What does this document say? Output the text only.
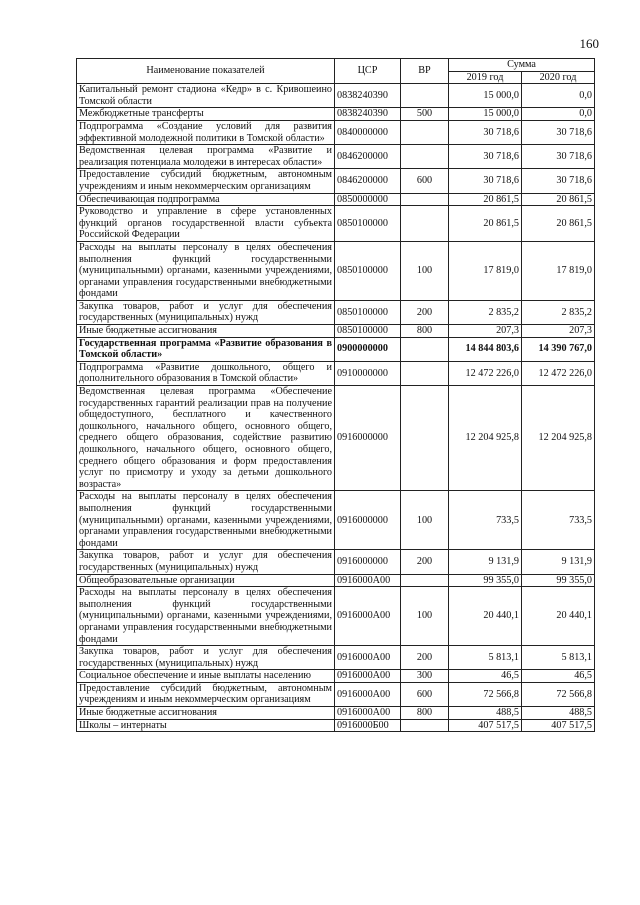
160
Наименование показателей	ЦСР	ВР	Сумма	
			2019 год	2020 год
Капитальный ремонт стадиона «Кедр» в с. Кривошеино Томской области	0838240390		15 000,0	0,0
Межбюджетные трансферты	0838240390	500	15 000,0	0,0
Подпрограмма «Создание условий для развития эффективной молодежной политики в Томской области»	0840000000		30 718,6	30 718,6
Ведомственная целевая программа «Развитие и реализация потенциала молодежи в интересах области»	0846200000		30 718,6	30 718,6
Предоставление субсидий бюджетным, автономным учреждениям и иным некоммерческим организациям	0846200000	600	30 718,6	30 718,6
Обеспечивающая подпрограмма	0850000000		20 861,5	20 861,5
Руководство и управление в сфере установленных функций органов государственной власти субъекта Российской Федерации	0850100000		20 861,5	20 861,5
Расходы на выплаты персоналу в целях обеспечения выполнения функций государственными (муниципальными) органами, казенными учреждениями, органами управления государственными внебюджетными фондами	0850100000	100	17 819,0	17 819,0
Закупка товаров, работ и услуг для обеспечения государственных (муниципальных) нужд	0850100000	200	2 835,2	2 835,2
Иные бюджетные ассигнования	0850100000	800	207,3	207,3
Государственная программа «Развитие образования в Томской области»	0900000000		14 844 803,6	14 390 767,0
Подпрограмма «Развитие дошкольного, общего и дополнительного образования в Томской области»	0910000000		12 472 226,0	12 472 226,0
Ведомственная целевая программа «Обеспечение государственных гарантий реализации прав на получение общедоступного, бесплатного и качественного дошкольного, начального общего, основного общего, среднего общего образования, содействие развитию дошкольного, начального общего, основного общего, среднего общего образования и форм предоставления услуг по присмотру и уходу за детьми дошкольного возраста»	0916000000		12 204 925,8	12 204 925,8
Расходы на выплаты персоналу в целях обеспечения выполнения функций государственными (муниципальными) органами, казенными учреждениями, органами управления государственными внебюджетными фондами	0916000000	100	733,5	733,5
Закупка товаров, работ и услуг для обеспечения государственных (муниципальных) нужд	0916000000	200	9 131,9	9 131,9
Общеобразовательные организации	0916000А00		99 355,0	99 355,0
Расходы на выплаты персоналу в целях обеспечения выполнения функций государственными (муниципальными) органами, казенными учреждениями, органами управления государственными внебюджетными фондами	0916000А00	100	20 440,1	20 440,1
Закупка товаров, работ и услуг для обеспечения государственных (муниципальных) нужд	0916000А00	200	5 813,1	5 813,1
Социальное обеспечение и иные выплаты населению	0916000А00	300	46,5	46,5
Предоставление субсидий бюджетным, автономным учреждениям и иным некоммерческим организациям	0916000А00	600	72 566,8	72 566,8
Иные бюджетные ассигнования	0916000А00	800	488,5	488,5
Школы – интернаты	0916000Б00		407 517,5	407 517,5
